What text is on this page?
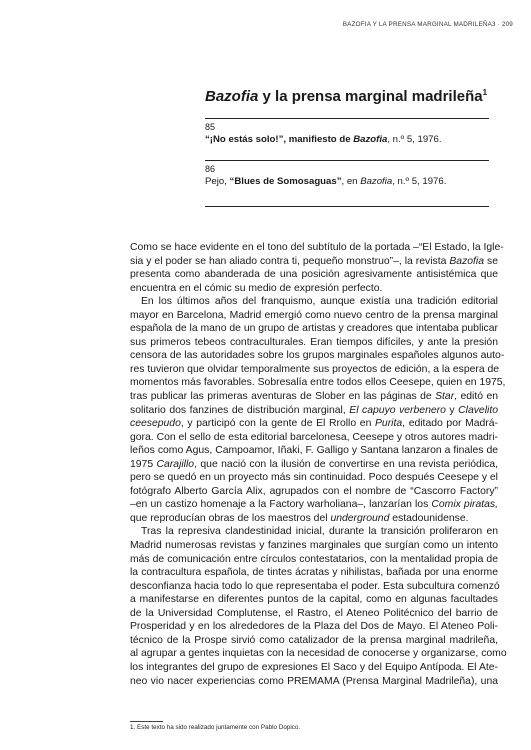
BAZOFIA Y LA PRENSA MARGINAL MADRILEÑA3 · 209
Bazofia y la prensa marginal madrileña$^1$
85
“¡No estás solo!”, manifiesto de Bazofia, n.º 5, 1976.
86
Pejo, “Blues de Somosaguas”, en Bazofia, n.º 5, 1976.
Como se hace evidente en el tono del subtítulo de la portada –“El Estado, la Igle-
sia y el poder se han aliado contra ti, pequeño monstruo”–, la revista Bazofia se
presenta como abanderada de una posición agresivamente antisistémica que
encuentra en el cómic su medio de expresión perfecto.
En los últimos años del franquismo, aunque existía una tradición editorial
mayor en Barcelona, Madrid emergió como nuevo centro de la prensa marginal
española de la mano de un grupo de artistas y creadores que intentaba publicar
sus primeros tebeos contraculturales. Eran tiempos difíciles, y ante la presión
censora de las autoridades sobre los grupos marginales españoles algunos auto-
res tuvieron que olvidar temporalmente sus proyectos de edición, a la espera de
momentos más favorables. Sobresalía entre todos ellos Ceesepe, quien en 1975,
tras publicar las primeras aventuras de Slober en las páginas de Star, editó en
solitario dos fanzines de distribución marginal, El capuyo verbenero y Clavelito
ceesepudo, y participó con la gente de El Rrollo en Purita, editado por Madrá-
gora. Con el sello de esta editorial barcelonesa, Ceesepe y otros autores madri-
leños como Agus, Campoamor, Iñaki, F. Galligo y Santana lanzaron a finales de
1975 Carajillo, que nació con la ilusión de convertirse en una revista periódica,
pero se quedó en un proyecto más sin continuidad. Poco después Ceesepe y el
fotógrafo Alberto García Alix, agrupados con el nombre de “Cascorro Factory”
–en un castizo homenaje a la Factory warholiana–, lanzarían los Comix piratas,
que reproducían obras de los maestros del underground estadounidense.
Tras la represiva clandestinidad inicial, durante la transición proliferaron en
Madrid numerosas revistas y fanzines marginales que surgían como un intento
más de comunicación entre círculos contestatarios, con la mentalidad propia de
la contracultura española, de tintes ácratas y nihilistas, bañada por una enorme
desconfianza hacia todo lo que representaba el poder. Esta subcultura comenzó
a manifestarse en diferentes puntos de la capital, como en algunas facultades
de la Universidad Complutense, el Rastro, el Ateneo Politécnico del barrio de
Prosperidad y en los alrededores de la Plaza del Dos de Mayo. El Ateneo Poli-
técnico de la Prospe sirvió como catalizador de la prensa marginal madrileña,
al agrupar a gentes inquietas con la necesidad de conocerse y organizarse, como
los integrantes del grupo de expresiones El Saco y del Equipo Antípoda. El Ate-
neo vio nacer experiencias como PREMAMA (Prensa Marginal Madrileña), una
1. Este texto ha sido realizado juntamente con Pablo Dopico.
